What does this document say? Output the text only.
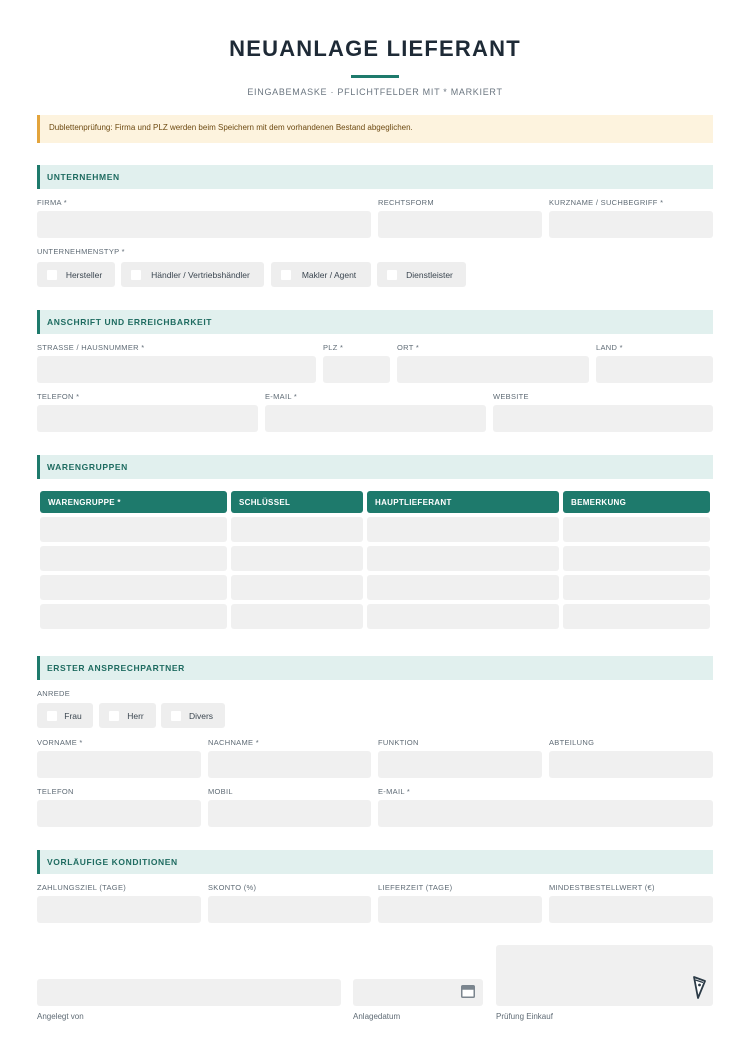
NEUANLAGE LIEFERANT
EINGABEMASKE · PFLICHTFELDER MIT * MARKIERT
Dublettenprüfung: Firma und PLZ werden beim Speichern mit dem vorhandenen Bestand abgeglichen.
UNTERNEHMEN
FIRMA *	RECHTSFORM	KURZNAME / SUCHBEGRIFF *
UNTERNEHMENSTYP *
Hersteller	Händler / Vertriebshändler	Makler / Agent	Dienstleister
ANSCHRIFT UND ERREICHBARKEIT
STRASSE / HAUSNUMMER *	PLZ *	ORT *	LAND *
TELEFON *	E-MAIL *	WEBSITE
WARENGRUPPEN
WARENGRUPPE *	SCHLÜSSEL	HAUPTLIEFERANT	BEMERKUNG
ERSTER ANSPRECHPARTNER
ANREDE
Frau	Herr	Divers
VORNAME *	NACHNAME *	FUNKTION	ABTEILUNG
TELEFON	MOBIL	E-MAIL *
VORLÄUFIGE KONDITIONEN
ZAHLUNGSZIEL (TAGE)	SKONTO (%)	LIEFERZEIT (TAGE)	MINDESTBESTELLWERT (€)
Angelegt von	Anlagedatum	Prüfung Einkauf
